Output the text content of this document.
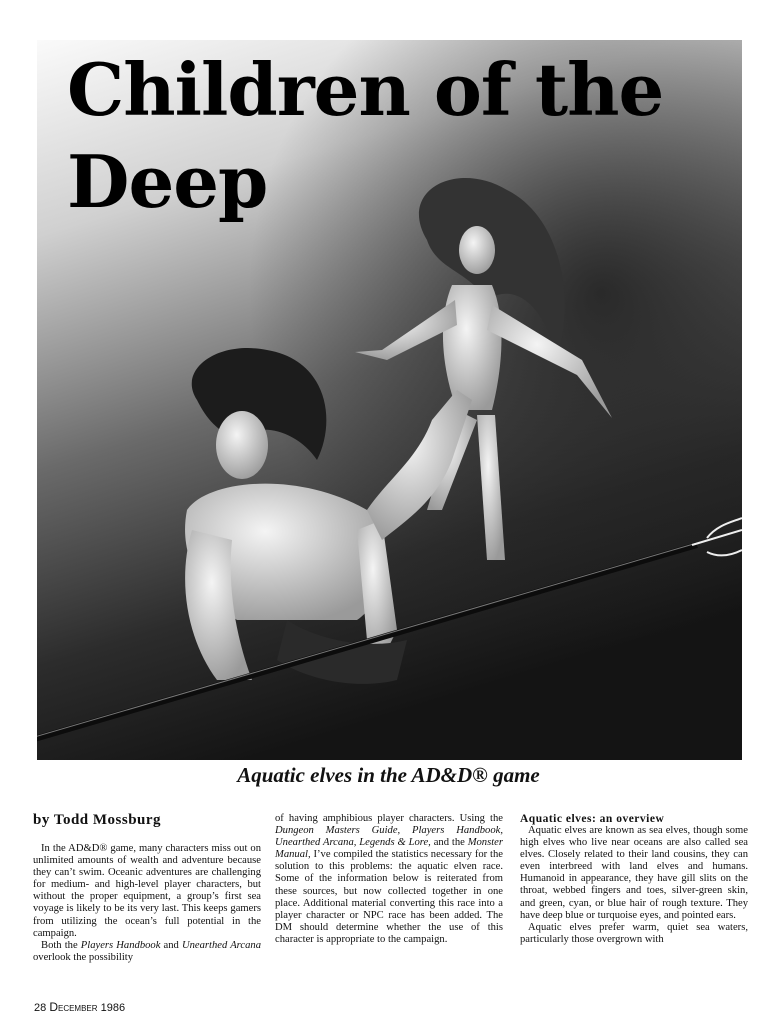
Children of the
Deep
Aquatic elves in the AD&D® game
by Todd Mossburg

In the AD&D® game, many characters miss out on unlimited amounts of wealth and adventure because they can’t swim. Oceanic adventures are challenging for medium- and high-level player characters, but without the proper equipment, a group’s first sea voyage is likely to be its very last. This keeps gamers from utilizing the ocean’s full potential in the campaign.

Both the Players Handbook and Unearthed Arcana overlook the possibility

of having amphibious player characters. Using the Dungeon Masters Guide, Players Handbook, Unearthed Arcana, Legends & Lore, and the Monster Manual, I’ve compiled the statistics necessary for the solution to this problems: the aquatic elven race. Some of the information below is reiterated from these sources, but now collected together in one place. Additional material converting this race into a player character or NPC race has been added. The DM should determine whether the use of this character is appropriate to the campaign.

Aquatic elves: an overview

Aquatic elves are known as sea elves, though some high elves who live near oceans are also called sea elves. Closely related to their land cousins, they can even interbreed with land elves and humans. Humanoid in appearance, they have gill slits on the throat, webbed fingers and toes, silver-green skin, and green, cyan, or blue hair of rough texture. They have deep blue or turquoise eyes, and pointed ears.

Aquatic elves prefer warm, quiet sea waters, particularly those overgrown with

28 December 1986
